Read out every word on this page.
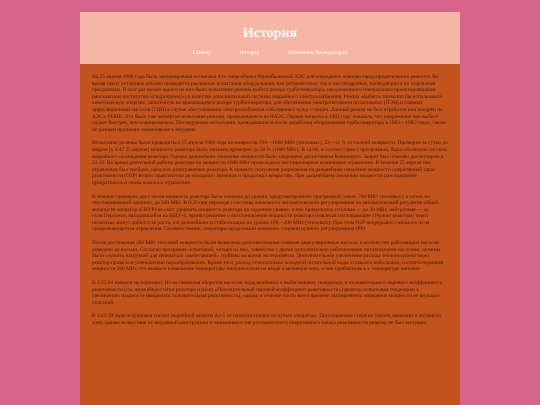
История
Главная	История	Памятники Ликвидаторам

На 25 апреля 1986 года была запланирована остановка 4-го энергоблока Чернобыльской АЭС для очередного планово-предупредительного ремонта. Во время таких остановок обычно проводятся различные испытания оборудования, как регламентные, так и нестандартные, проводящиеся по отдельным программам. В этот раз целью одного из них было испытание режима выбега ротора турбогенератора, предложенного генеральным проектировщиком (московским институтом «Гидропроект») в качестве дополнительной системы аварийного электроснабжения. Режим «выбега» позволил бы использовать кинетическую энергию, запасённую во вращающемся роторе турбогенератора, для обеспечения электропитанием питательных (ПЭН) и главных циркуляционных насосов (ГЦН) в случае обесточивания электроснабжения собственных нужд станции. Данный режим не был отработан или внедрён на АЭС с РБМК. Это было уже четвёртое испытание режима, проводившееся на ЧАЭС. Первая попытка в 1982 году показала, что напряжение при выбеге падает быстрее, чем планировалось. Последующие испытания, проводившиеся после доработки оборудования турбогенератора в 1983—1985 годах, также по разным причинам заканчивались неудачно

Испытания должны были проводиться 25 апреля 1986 года на мощности 700—1000 МВт (тепловых), 22—31 % от полной мощности. Примерно за сутки до аварии (к 3:47 25 апреля) мощность реактора была снижена примерно до 50 % (1600 МВт). В 14:00, в соответствии с программой, была отключена система аварийного охлаждения реактора. Однако дальнейшее снижение мощности было запрещено диспетчером Киевэнерго. Запрет был отменён диспетчером в 23:10. Во время длительной работы реактора на мощности 1600 МВт происходило нестационарное ксеноновое отравление. В течение 25 апреля пик отравления был пройден, началось разотравление реактора. К моменту получения разрешения на дальнейшее снижение мощности оперативный запас реактивности (ОЗР) возрос практически до исходного значения и продолжал возрастать. При дальнейшем снижении мощности разотравление прекратилось и снова началось отравление.

В течение примерно двух часов мощность реактора была снижена до уровня, предусмотренного программой (около 700 МВт тепловых), а затем, по неустановленной причине, до 500 МВт. В 0:28 при переходе с системы локального автоматического регулирования на автоматический регулятор общей мощности оператор (СИУР) не смог удержать мощность реактора на заданном уровне, и она провалилась тепловая — до 30 МВт, нейтронная — до нуля.Персонал, находившийся на БЩУ-4, принял решение о восстановлении мощности реактора (извлекая поглощающие стержни реактора) через несколько минут добился её роста, а в дальнейшем и стабилизации на уровне 160—200 МВт (тепловых). При этом ОЗР непрерывно снижался из-за продолжающегося отравления. Соответственно, операторы продолжали извлекать стержни ручного регулирования (РР)

После достижения 200 МВт тепловой мощности были включены дополнительные главные циркуляционные насосы, и количество работающих насосов доведено до восьми. Согласно программе испытаний, четыре из них, совместно с двумя дополнительно работающими питательными насосами, должны были служить нагрузкой для генератора «выбегающей» турбины во время эксперимента. Дополнительное увеличение расхода теплоносителя через реактор привело к уменьшению парообразования. Кроме того, расход относительно холодной питательной воды оставался небольшим, соответствующим мощности 200 МВт, что вызвало повышение температуры теплоносителя на входе в активную зону, и она приблизилась к температуре кипения

В 1:23:04 начался эксперимент. Из-за снижения оборотов насосов, подключённых к выбегающему генератору, и положительного парового коэффициента реактивности (см. ниже)Недостатки реактора и (или) «Положительный паровой коэффициент реактивности») реактор испытывал тенденцию к увеличению мощности (вводилась положительная реактивность), однако в течение почти всего времени эксперимента поведение мощности не внушало опасений.

В 1:23:39 зарегистрирован сигнал аварийной защиты АЗ-5 от нажатия кнопки на пульте оператора. Поглощающие стержни начали движение в активную зону, однако вследствие их неудачной конструкции и заниженного (не регламентного) оперативного запаса реактивности реактор не был заглушен.
